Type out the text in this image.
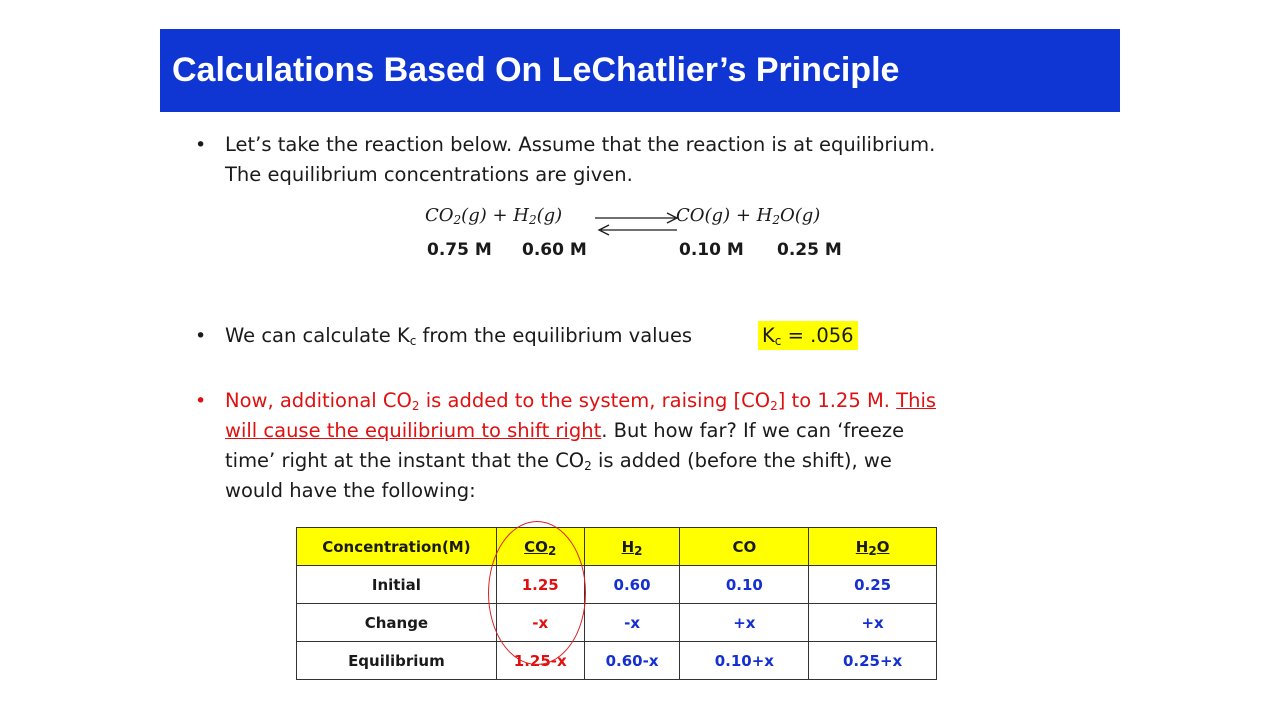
Calculations Based On LeChatlier’s Principle
• Let’s take the reaction below. Assume that the reaction is at equilibrium.
The equilibrium concentrations are given.
$CO_2(g) + H_2(g)$	$CO(g) + H_2O(g)$
0.75 M 0.60 M	0.10 M 0.25 M
• We can calculate $K_c$ from the equilibrium values	$K_c = .056$
• Now, additional $CO_2$ is added to the system, raising $[CO_2]$ to 1.25 M. This
will cause the equilibrium to shift right. But how far? If we can ‘freeze
time’ right at the instant that the $CO_2$ is added (before the shift), we
would have the following:
Concentration(M)	$CO_2$	$H_2$	CO	$H_2O$
Initial	1.25	0.60	0.10	0.25
Change	-x	-x	+x	+x
Equilibrium	1.25-x	0.60-x	0.10+x	0.25+x
